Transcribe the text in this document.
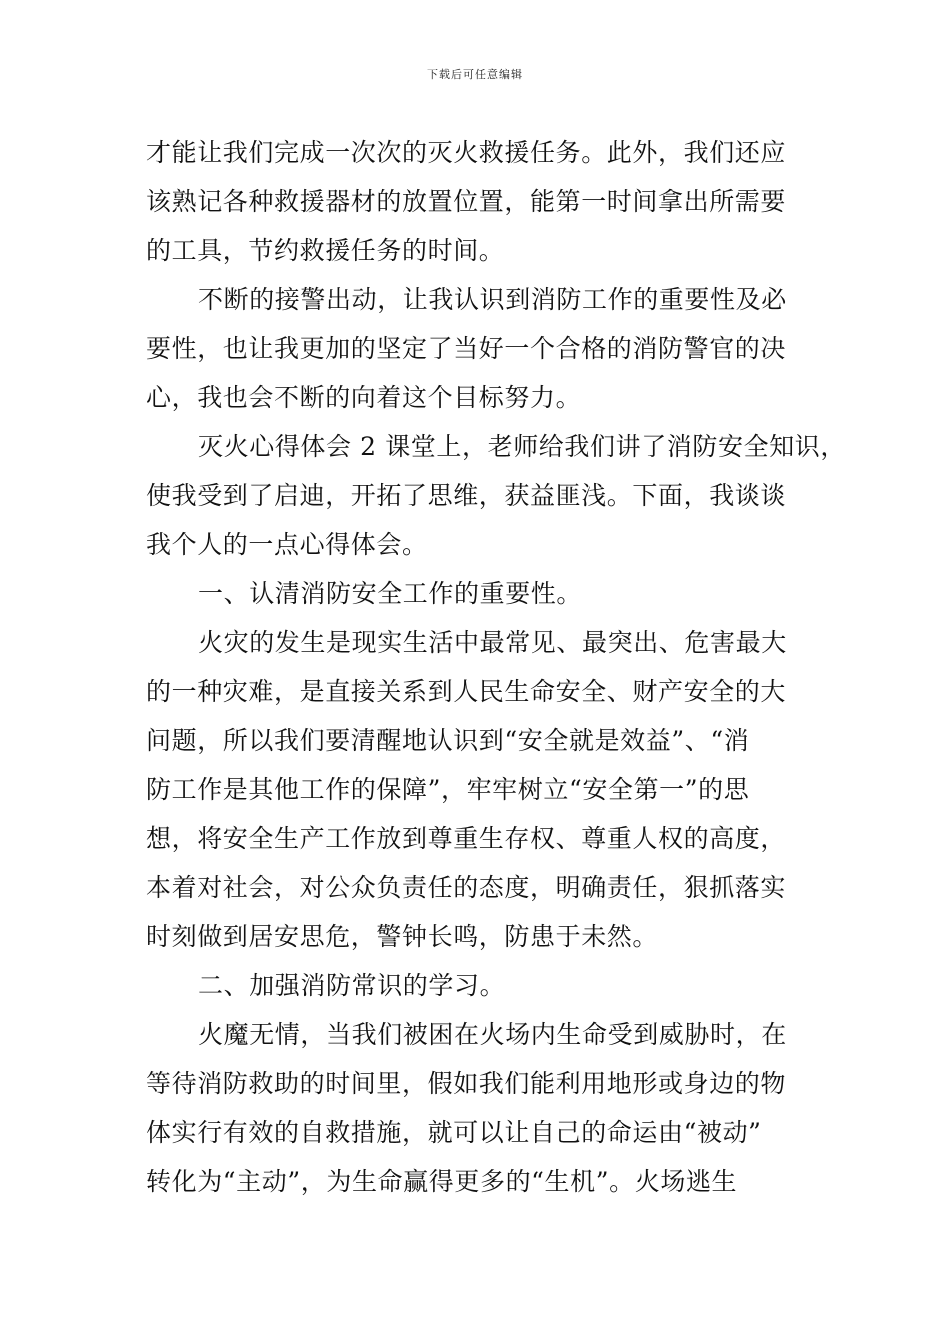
下载后可任意编辑
才能让我们完成一次次的灭火救援任务。此外，我们还应
该熟记各种救援器材的放置位置，能第一时间拿出所需要
的工具，节约救援任务的时间。
不断的接警出动，让我认识到消防工作的重要性及必
要性，也让我更加的坚定了当好一个合格的消防警官的决
心，我也会不断的向着这个目标努力。
灭火心得体会 2 课堂上，老师给我们讲了消防安全知识，
使我受到了启迪，开拓了思维，获益匪浅。下面，我谈谈
我个人的一点心得体会。
一、认清消防安全工作的重要性。
火灾的发生是现实生活中最常见、最突出、危害最大
的一种灾难，是直接关系到人民生命安全、财产安全的大
问题，所以我们要清醒地认识到“安全就是效益”、“消
防工作是其他工作的保障”，牢牢树立“安全第一”的思
想，将安全生产工作放到尊重生存权、尊重人权的高度，
本着对社会，对公众负责任的态度，明确责任，狠抓落实
时刻做到居安思危，警钟长鸣，防患于未然。
二、加强消防常识的学习。
火魔无情，当我们被困在火场内生命受到威胁时，在
等待消防救助的时间里，假如我们能利用地形或身边的物
体实行有效的自救措施，就可以让自己的命运由“被动”
转化为“主动”，为生命赢得更多的“生机”。火场逃生
